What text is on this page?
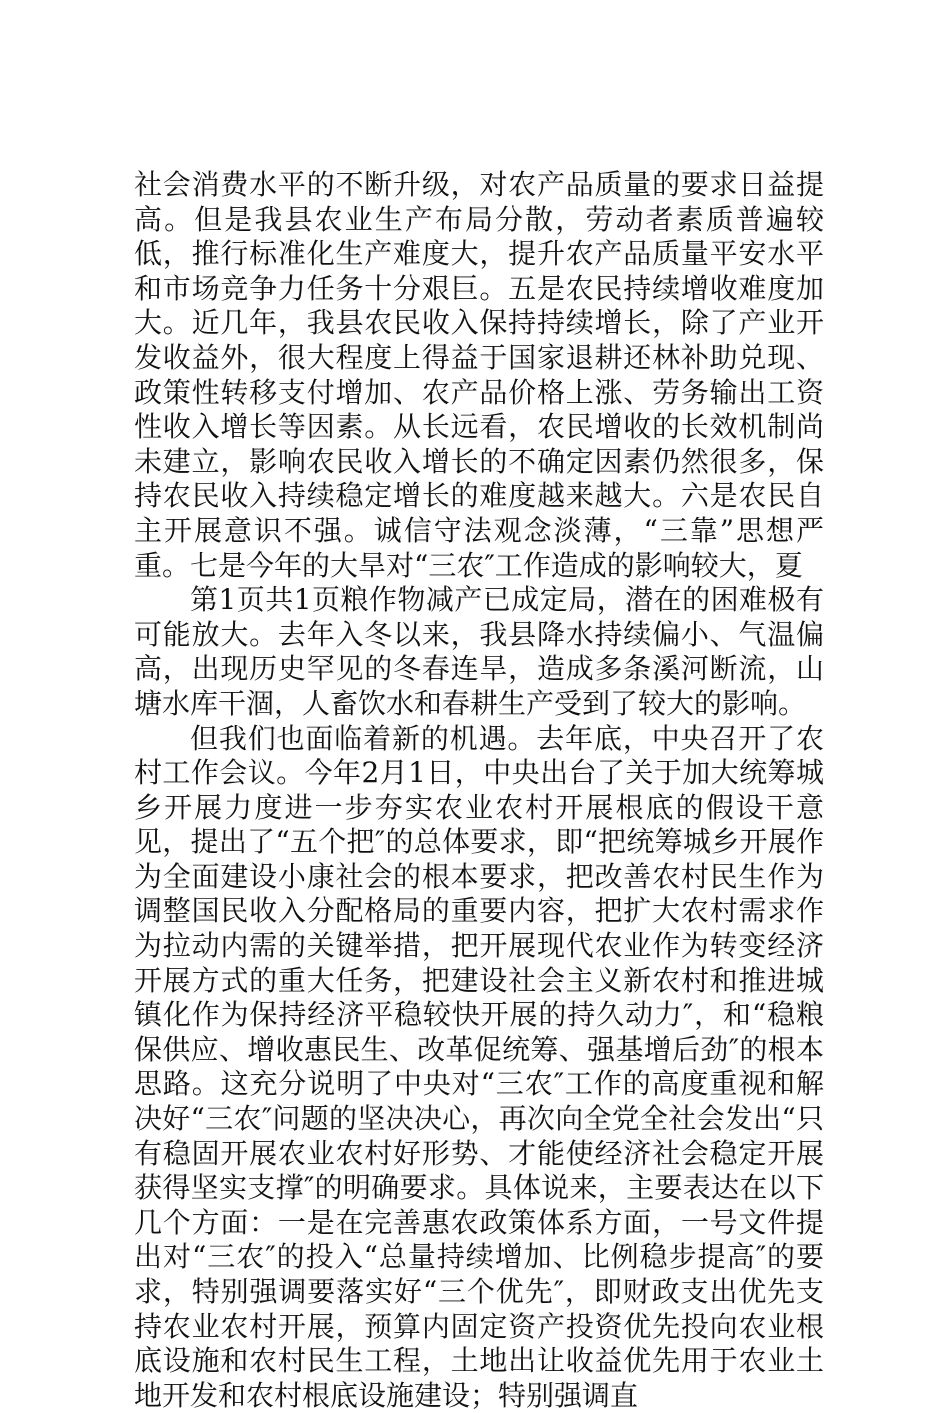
社会消费水平的不断升级，对农产品质量的要求日益提高。但是我县农业生产布局分散，劳动者素质普遍较低，推行标准化生产难度大，提升农产品质量平安水平和市场竞争力任务十分艰巨。五是农民持续增收难度加大。近几年，我县农民收入保持持续增长，除了产业开发收益外，很大程度上得益于国家退耕还林补助兑现、政策性转移支付增加、农产品价格上涨、劳务输出工资性收入增长等因素。从长远看，农民增收的长效机制尚未建立，影响农民收入增长的不确定因素仍然很多，保持农民收入持续稳定增长的难度越来越大。六是农民自主开展意识不强。诚信守法观念淡薄，“三靠”思想严重。七是今年的大旱对“三农″工作造成的影响较大，夏

第1页共1页粮作物减产已成定局，潜在的困难极有可能放大。去年入冬以来，我县降水持续偏小、气温偏高，出现历史罕见的冬春连旱，造成多条溪河断流，山塘水库干涸，人畜饮水和春耕生产受到了较大的影响。

但我们也面临着新的机遇。去年底，中央召开了农村工作会议。今年2月1日，中央出台了关于加大统筹城乡开展力度进一步夯实农业农村开展根底的假设干意见，提出了“五个把″的总体要求，即“把统筹城乡开展作为全面建设小康社会的根本要求，把改善农村民生作为调整国民收入分配格局的重要内容，把扩大农村需求作为拉动内需的关键举措，把开展现代农业作为转变经济开展方式的重大任务，把建设社会主义新农村和推进城镇化作为保持经济平稳较快开展的持久动力″，和“稳粮保供应、增收惠民生、改革促统筹、强基增后劲″的根本思路。这充分说明了中央对“三农″工作的高度重视和解决好“三农″问题的坚决决心，再次向全党全社会发出“只有稳固开展农业农村好形势、才能使经济社会稳定开展获得坚实支撑″的明确要求。具体说来，主要表达在以下几个方面：一是在完善惠农政策体系方面，一号文件提出对“三农″的投入“总量持续增加、比例稳步提高″的要求，特别强调要落实好“三个优先″，即财政支出优先支持农业农村开展，预算内固定资产投资优先投向农业根底设施和农村民生工程，土地出让收益优先用于农业土地开发和农村根底设施建设；特别强调直
